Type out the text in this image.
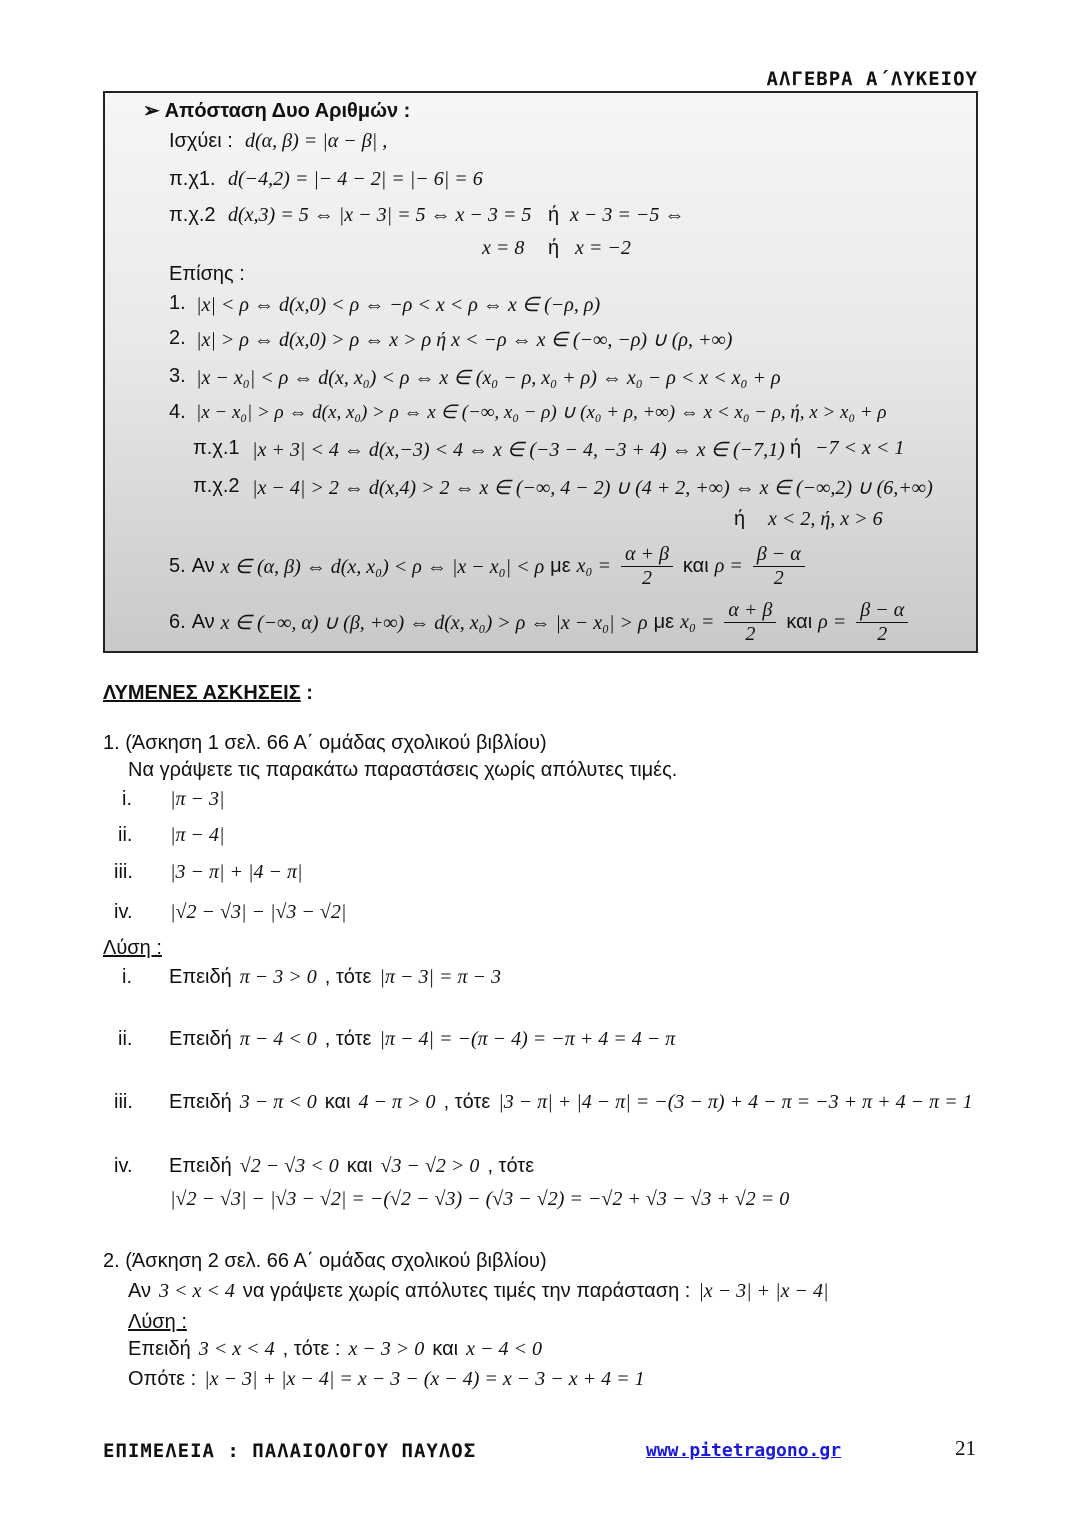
ΑΛΓΕΒΡΑ Α΄ΛΥΚΕΙΟΥ
➢ Απόσταση Δυο Αριθμών :
Ισχύει : d(α, β) = |α − β| ,
π.χ1. d(−4,2) = |− 4 − 2| = |− 6| = 6
π.χ.2 d(x,3) = 5 ⇔ |x − 3| = 5 ⇔ x − 3 = 5 ή x − 3 = −5 ⇔
x = 8 ή x = −2
Επίσης :
1. |x| < ρ ⇔ d(x,0) < ρ ⇔ −ρ < x < ρ ⇔ x ∈ (−ρ, ρ)
2. |x| > ρ ⇔ d(x,0) > ρ ⇔ x > ρ ή x < −ρ ⇔ x ∈ (−∞, −ρ) ∪ (ρ, +∞)
3. |x − x₀| < ρ ⇔ d(x, x₀) < ρ ⇔ x ∈ (x₀ − ρ, x₀ + ρ) ⇔ x₀ − ρ < x < x₀ + ρ
4. |x − x₀| > ρ ⇔ d(x, x₀) > ρ ⇔ x ∈ (−∞, x₀ − ρ) ∪ (x₀ + ρ, +∞) ⇔ x < x₀ − ρ, ή, x > x₀ + ρ
π.χ.1 |x + 3| < 4 ⇔ d(x,−3) < 4 ⇔ x ∈ (−3 − 4, −3 + 4) ⇔ x ∈ (−7,1) ή −7 < x < 1
π.χ.2 |x − 4| > 2 ⇔ d(x,4) > 2 ⇔ x ∈ (−∞, 4 − 2) ∪ (4 + 2, +∞) ⇔ x ∈ (−∞,2) ∪ (6,+∞)
ή x < 2, ή, x > 6
5. Αν x ∈ (α, β) ⇔ d(x, x₀) < ρ ⇔ |x − x₀| < ρ με $x_0 = \frac{\alpha + \beta}{2}$ και $\rho = \frac{\beta - \alpha}{2}$
6. Αν x ∈ (−∞, α) ∪ (β, +∞) ⇔ d(x, x₀) > ρ ⇔ |x − x₀| > ρ με $x_0 = \frac{\alpha + \beta}{2}$ και $\rho = \frac{\beta - \alpha}{2}$
ΛΥΜΕΝΕΣ ΑΣΚΗΣΕΙΣ :
1. (Άσκηση 1 σελ. 66 Α΄ ομάδας σχολικού βιβλίου)
Να γράψετε τις παρακάτω παραστάσεις χωρίς απόλυτες τιμές.
i. |π − 3|
ii. |π − 4|
iii. |3 − π| + |4 − π|
iv. |√2 − √3| − |√3 − √2|
Λύση :
i. Επειδή π − 3 > 0 , τότε |π − 3| = π − 3
ii. Επειδή π − 4 < 0 , τότε |π − 4| = −(π − 4) = −π + 4 = 4 − π
iii. Επειδή 3 − π < 0 και 4 − π > 0 , τότε |3 − π| + |4 − π| = −(3 − π) + 4 − π = −3 + π + 4 − π = 1
iv. Επειδή √2 − √3 < 0 και √3 − √2 > 0 , τότε
|√2 − √3| − |√3 − √2| = −(√2 − √3) − (√3 − √2) = −√2 + √3 − √3 + √2 = 0
2. (Άσκηση 2 σελ. 66 Α΄ ομάδας σχολικού βιβλίου)
Αν 3 < x < 4 να γράψετε χωρίς απόλυτες τιμές την παράσταση : |x − 3| + |x − 4|
Λύση :
Επειδή 3 < x < 4 , τότε : x − 3 > 0 και x − 4 < 0
Οπότε : |x − 3| + |x − 4| = x − 3 − (x − 4) = x − 3 − x + 4 = 1
ΕΠΙΜΕΛΕΙΑ : ΠΑΛΑΙΟΛΟΓΟΥ ΠΑΥΛΟΣ	www.pitetragono.gr	21
